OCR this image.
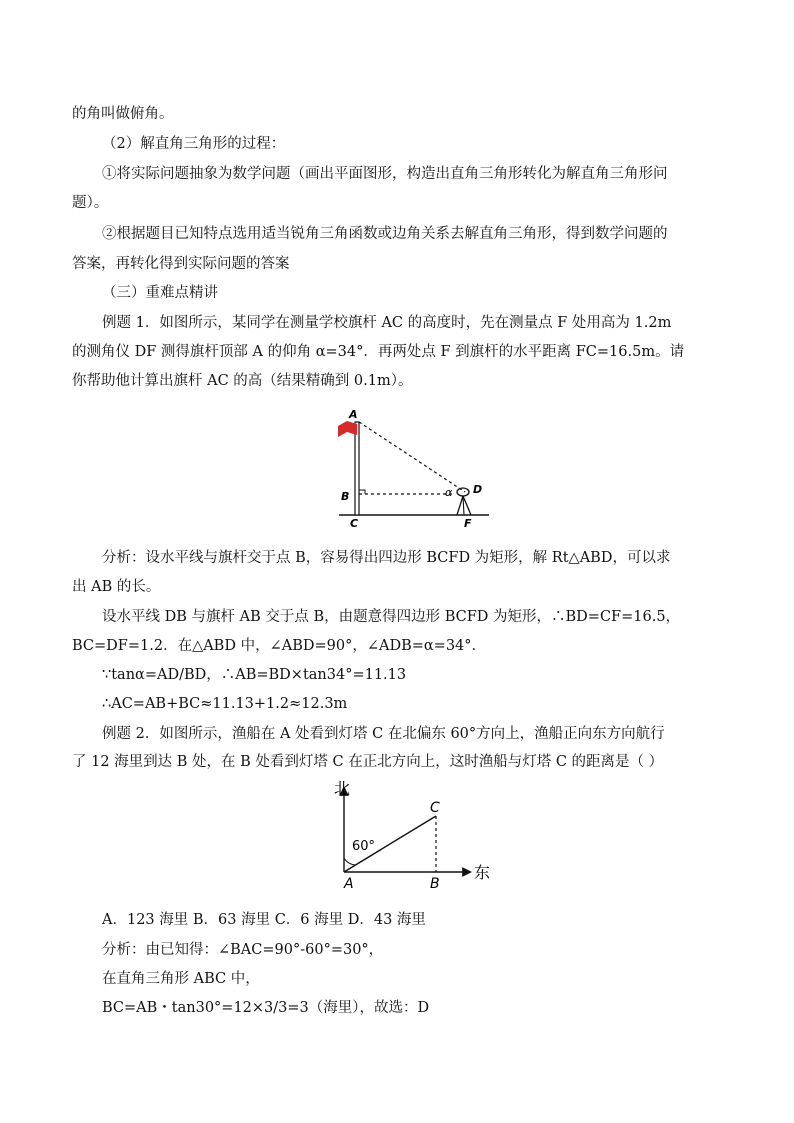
的角叫做俯角。
（2）解直角三角形的过程：
①将实际问题抽象为数学问题（画出平面图形，构造出直角三角形转化为解直角三角形问
题）。
②根据题目已知特点选用适当锐角三角函数或边角关系去解直角三角形，得到数学问题的
答案，再转化得到实际问题的答案
（三）重难点精讲
例题 1．如图所示，某同学在测量学校旗杆 AC 的高度时，先在测量点 F 处用高为 1.2m
的测角仪 DF 测得旗杆顶部 A 的仰角 α=34°．再两处点 F 到旗杆的水平距离 FC=16.5m。请
你帮助他计算出旗杆 AC 的高（结果精确到 0.1m）。
A
B
C
D
F
α
分析：设水平线与旗杆交于点 B，容易得出四边形 BCFD 为矩形，解 Rt△ABD，可以求
出 AB 的长。
设水平线 DB 与旗杆 AB 交于点 B，由题意得四边形 BCFD 为矩形，∴BD=CF=16.5，
BC=DF=1.2．在△ABD 中，∠ABD=90°，∠ADB=α=34°．
∵tanα=AD/BD，∴AB=BD×tan34°=11.13
∴AC=AB+BC≈11.13+1.2≈12.3m
例题 2．如图所示，渔船在 A 处看到灯塔 C 在北偏东 60°方向上，渔船正向东方向航行
了 12 海里到达 B 处，在 B 处看到灯塔 C 在正北方向上，这时渔船与灯塔 C 的距离是（ ）
北
东
C
A	B
60°
A．123 海里 B．63 海里 C．6 海里 D．43 海里
分析：由已知得：∠BAC=90°-60°=30°，
在直角三角形 ABC 中，
BC=AB・tan30°=12×3/3=3（海里），故选：D
